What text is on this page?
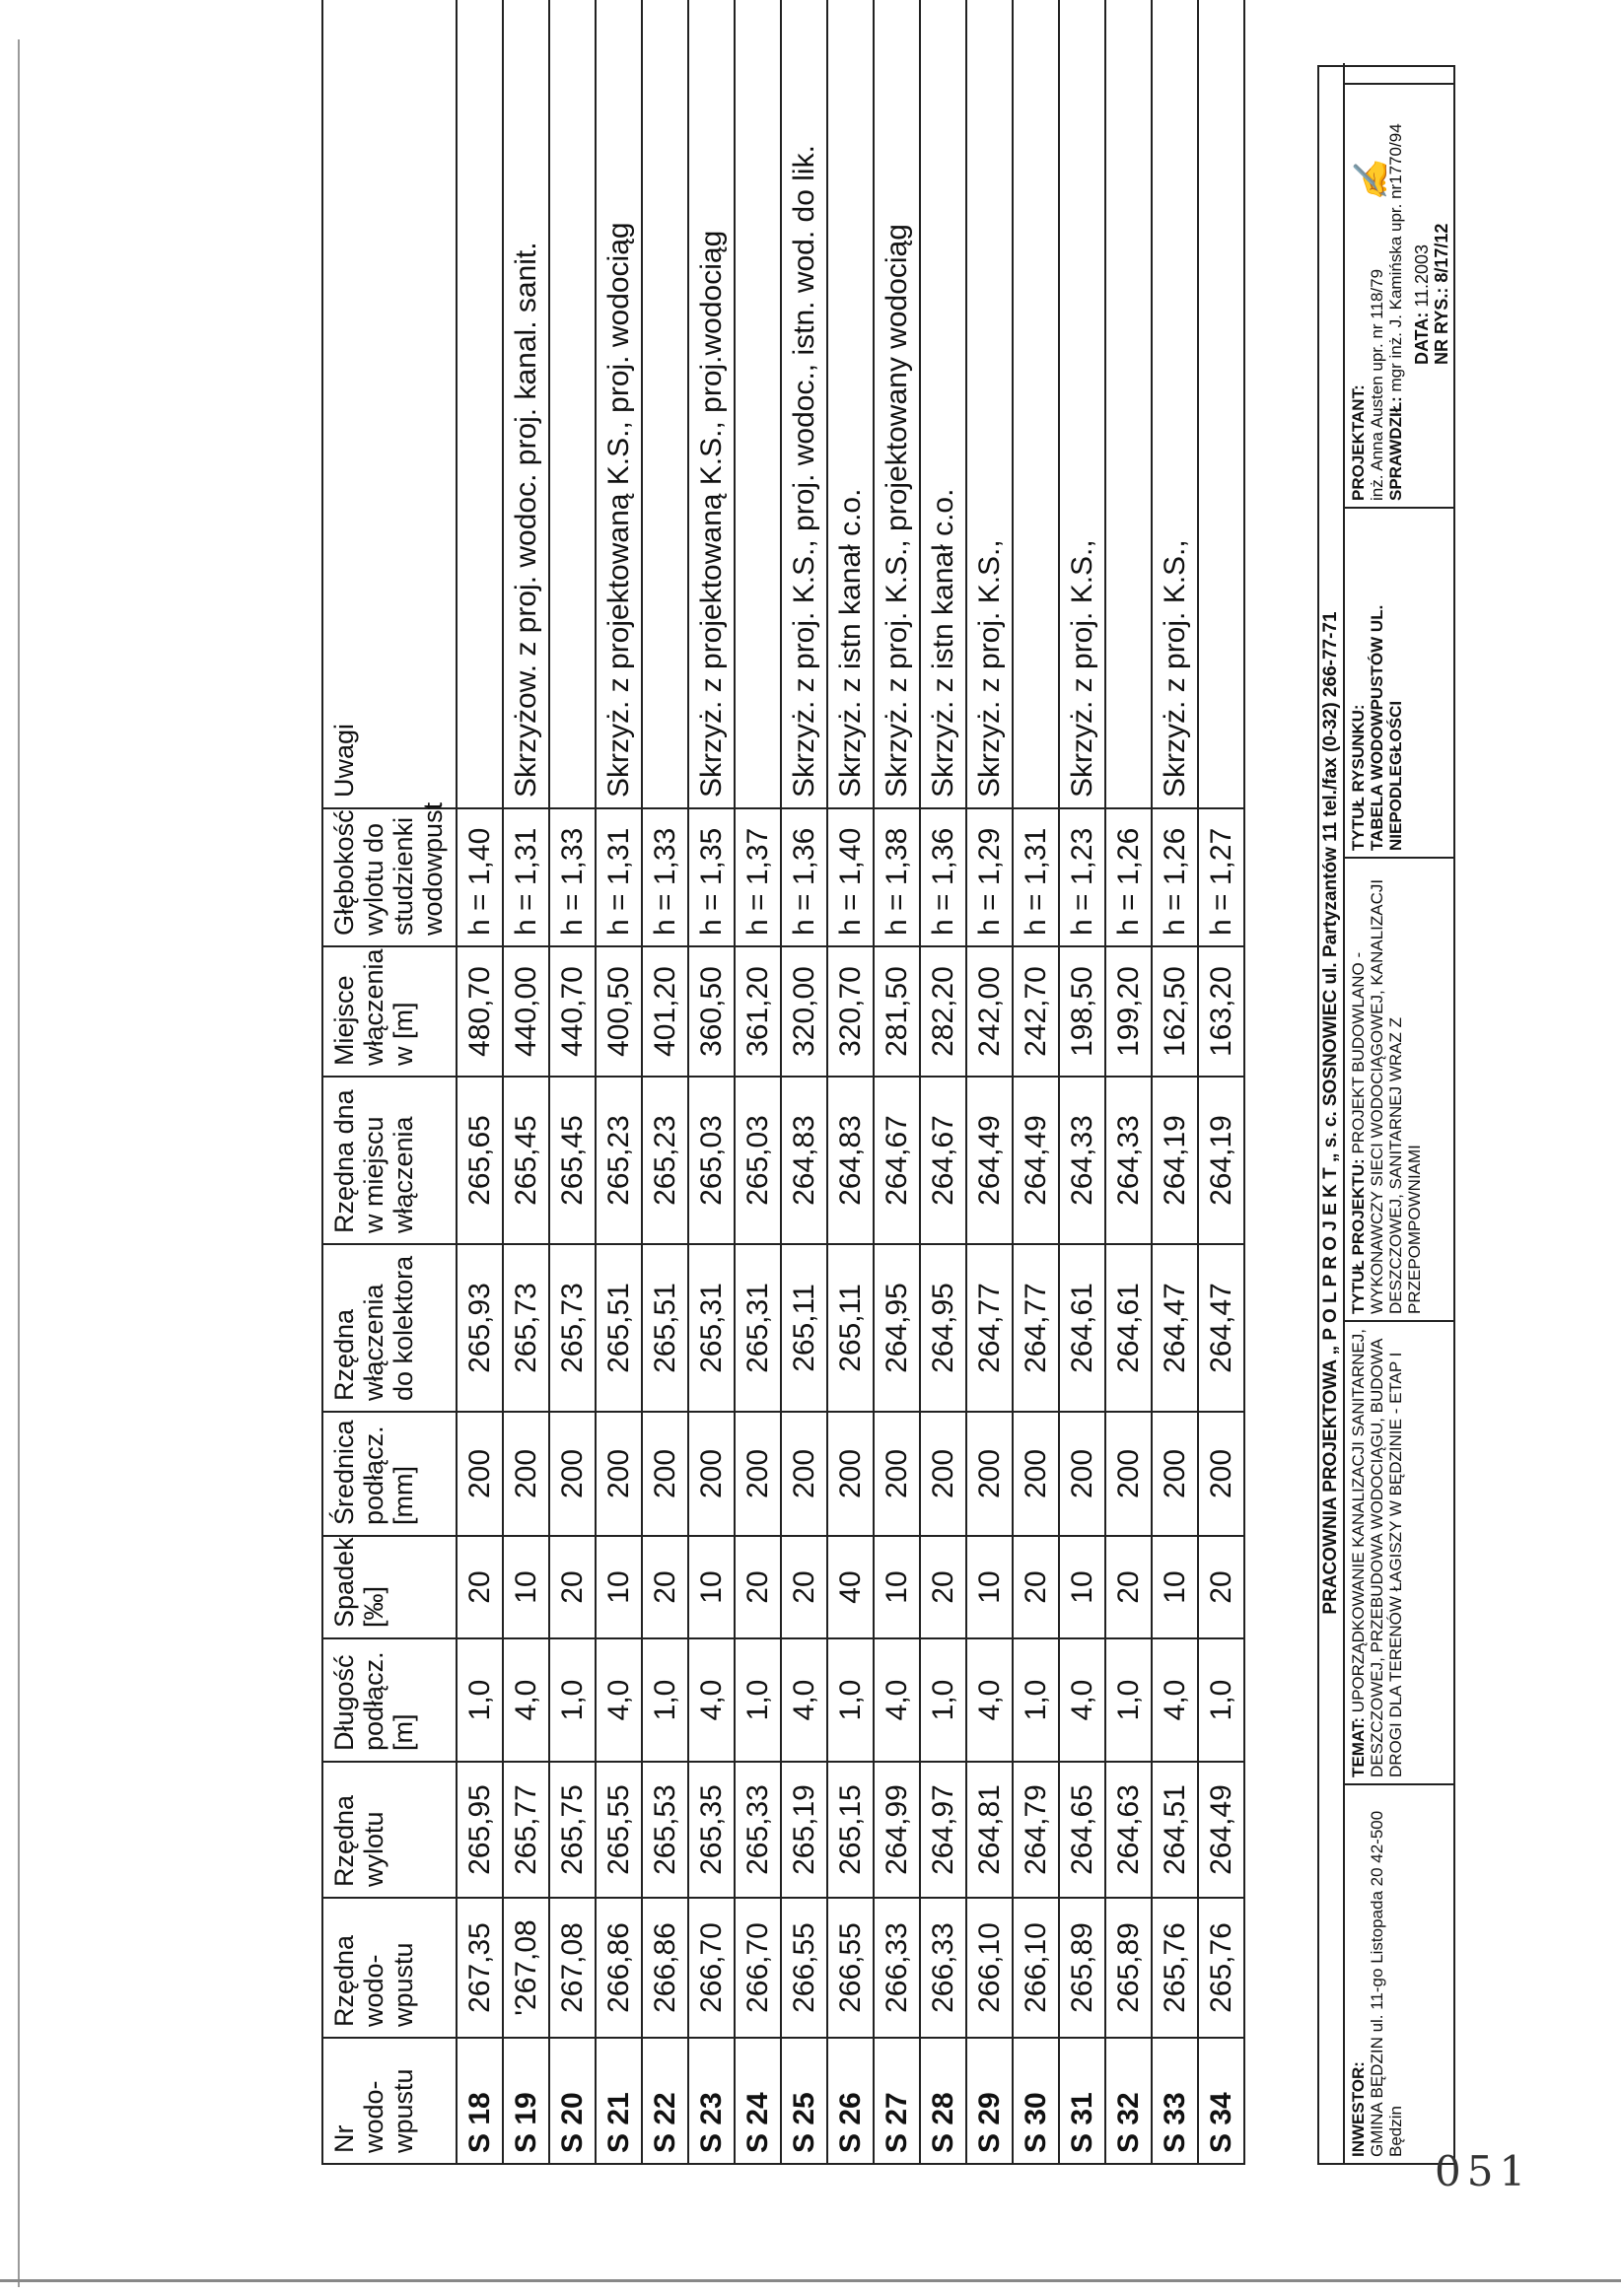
Nr wodo-wpustu	Rzędna wodo-wpustu	Rzędna wylotu	Długość podłącz. [m]	Spadek [‰]	Średnica podłącz. [mm]	Rzędna włączenia do kolektora	Rzędna dna w miejscu włączenia	Miejsce włączenia w [m]	Głębokość wylotu do studzienki wodowpust	Uwagi
S 18	267,35	265,95	1,0	20	200	265,93	265,65	480,70	h = 1,40	
S 19	'267,08	265,77	4,0	10	200	265,73	265,45	440,00	h = 1,31	Skrzyżow. z proj. wodoc. proj. kanal. sanit.
S 20	267,08	265,75	1,0	20	200	265,73	265,45	440,70	h = 1,33	
S 21	266,86	265,55	4,0	10	200	265,51	265,23	400,50	h = 1,31	Skrzyż. z projektowaną K.S., proj. wodociąg
S 22	266,86	265,53	1,0	20	200	265,51	265,23	401,20	h = 1,33	
S 23	266,70	265,35	4,0	10	200	265,31	265,03	360,50	h = 1,35	Skrzyż. z projektowaną K.S., proj.wodociąg
S 24	266,70	265,33	1,0	20	200	265,31	265,03	361,20	h = 1,37	
S 25	266,55	265,19	4,0	20	200	265,11	264,83	320,00	h = 1,36	Skrzyż. z proj. K.S., proj. wodoc., istn. wod. do lik.
S 26	266,55	265,15	1,0	40	200	265,11	264,83	320,70	h = 1,40	Skrzyż. z istn kanał c.o.
S 27	266,33	264,99	4,0	10	200	264,95	264,67	281,50	h = 1,38	Skrzyż. z proj. K.S., projektowany wodociąg
S 28	266,33	264,97	1,0	20	200	264,95	264,67	282,20	h = 1,36	Skrzyż. z istn kanał c.o.
S 29	266,10	264,81	4,0	10	200	264,77	264,49	242,00	h = 1,29	Skrzyż. z proj. K.S.,
S 30	266,10	264,79	1,0	20	200	264,77	264,49	242,70	h = 1,31	
S 31	265,89	264,65	4,0	10	200	264,61	264,33	198,50	h = 1,23	Skrzyż. z proj. K.S.,
S 32	265,89	264,63	1,0	20	200	264,61	264,33	199,20	h = 1,26	
S 33	265,76	264,51	4,0	10	200	264,47	264,19	162,50	h = 1,26	Skrzyż. z proj. K.S.,
S 34	265,76	264,49	1,0	20	200	264,47	264,19	163,20	h = 1,27		PRACOWNIA PROJEKTOWA „ P O L P R O J E K T „ s. c. SOSNOWIEC ul. Partyzantów 11 tel./fax (0-32) 266-77-71
INWESTOR: GMINA BĘDZIN ul. 11-go Listopada 20 42-500 Będzin
TEMAT: UPORZĄDKOWANIE KANALIZACJI SANITARNEJ, DESZCZOWEJ, PRZEBUDOWA WODOCIĄGU, BUDOWA DROGI DLA TERENÓW ŁAGISZY W BĘDZINIE - ETAP I
TYTUŁ PROJEKTU: PROJEKT BUDOWLANO -WYKONAWCZY SIECI WODOCIĄGOWEJ, KANALIZACJI DESZCZOWEJ, SANITARNEJ WRAZ Z PRZEPOMPOWNIAMI
TYTUŁ RYSUNKU: TABELA WODOWPUSTÓW UL. NIEPODLEGŁOŚCI
PROJEKTANT: inż. Anna Austen upr. nr 118/79 SPRAWDZIŁ: mgr inż. J. Kamińska upr. nr1770/94
✍
DATA: 11.2003
NR RYS.: 8/17/12
051
